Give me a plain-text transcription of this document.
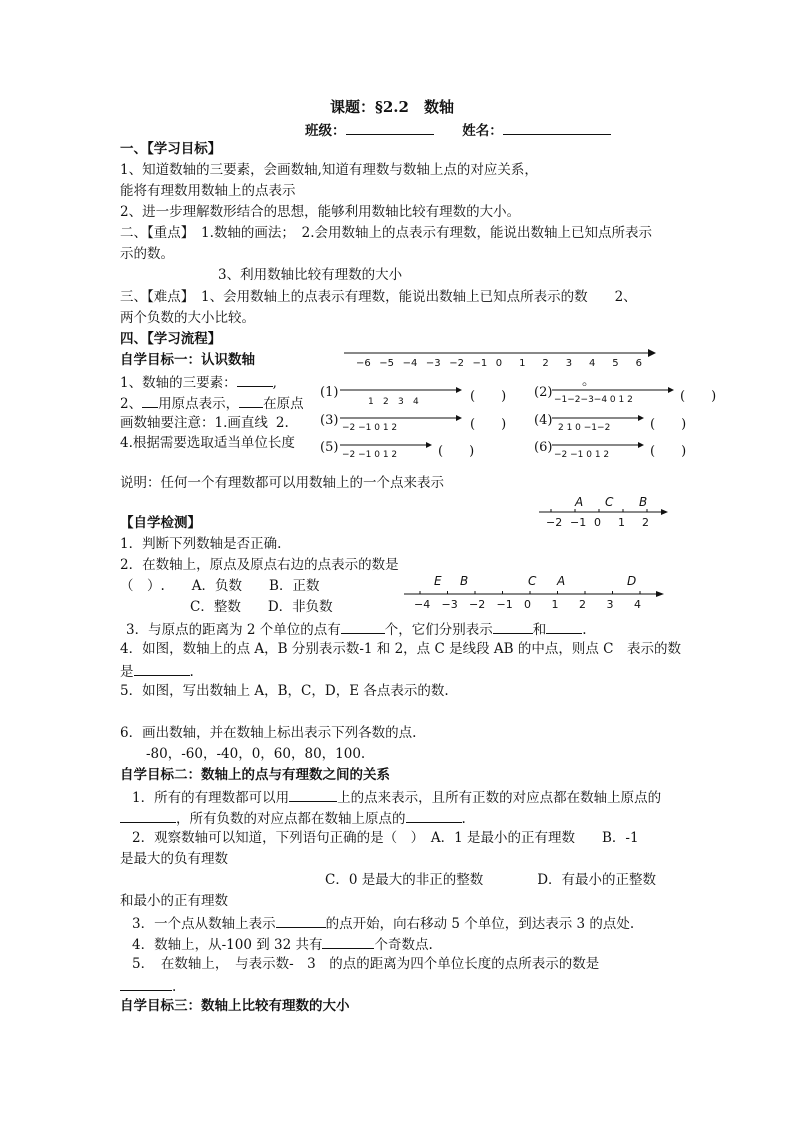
课题：§2.2　数轴
班级：	姓名：
一、【学习目标】
1、知道数轴的三要素，会画数轴,知道有理数与数轴上点的对应关系，
能将有理数用数轴上的点表示
2、进一步理解数形结合的思想，能够利用数轴比较有理数的大小。
二、【重点】　1.数轴的画法；　2.会用数轴上的点表示有理数，能说出数轴上已知点所表示
示的数。
3、利用数轴比较有理数的大小
三、【难点】　1、会用数轴上的点表示有理数，能说出数轴上已知点所表示的数　　2、
两个负数的大小比较。
四、【学习流程】
自学目标一：认识数轴
1、数轴的三要素：	,
2、 用原点表示， 在原点
画数轴要注意：1.画直线 2.
4.根据需要选取适当单位长度
。
−6 −5 −4 −3 −2 −1 0 1 2 3 4 5 6
(1)
1 2 3 4	(　　) (2) −1−2−3−4 0 1 2	(　　)
(3) −2 −1 0 1 2	(　　) (4) 2 1 0 −1−2	(　　)
(5) −2 −1 0 1 2	(　　)	(6) −2 −1 0 1 2	(　　)
说明：任何一个有理数都可以用数轴上的一个点来表示
A C B
−2 −1 0 1 2
【自学检测】
1．判断下列数轴是否正确.
2．在数轴上，原点及原点右边的点表示的数是
（　）.　　A．负数　　B．正数
C．整数　　D．非负数
E B	C A	D
−4 −3 −2 −1 0 1 2 3 4
3．与原点的距离为 2 个单位的点有	个，它们分别表示	和	.
4．如图，数轴上的点 A，B 分别表示数-1 和 2，点 C 是线段 AB 的中点，则点 C　表示的数
是	.
5．如图，写出数轴上 A，B，C，D，E 各点表示的数.
6．画出数轴，并在数轴上标出表示下列各数的点.
-80，-60，-40，0，60，80，100.
自学目标二：数轴上的点与有理数之间的关系
1．所有的有理数都可以用	上的点来表示，且所有正数的对应点都在数轴上原点的
，所有负数的对应点都在数轴上原点的	.
2．观察数轴可以知道，下列语句正确的是（　）　A．1 是最小的正有理数　　B．-1
是最大的负有理数
C．0 是最大的非正的整数　　　　D．有最小的正整数
和最小的正有理数
3．一个点从数轴上表示	的点开始，向右移动 5 个单位，到达表示 3 的点处.
4．数轴上，从-100 到 32 共有	个奇数点.
5．　在数轴上，　与表示数-　3　的点的距离为四个单位长度的点所表示的数是
.
自学目标三：数轴上比较有理数的大小
